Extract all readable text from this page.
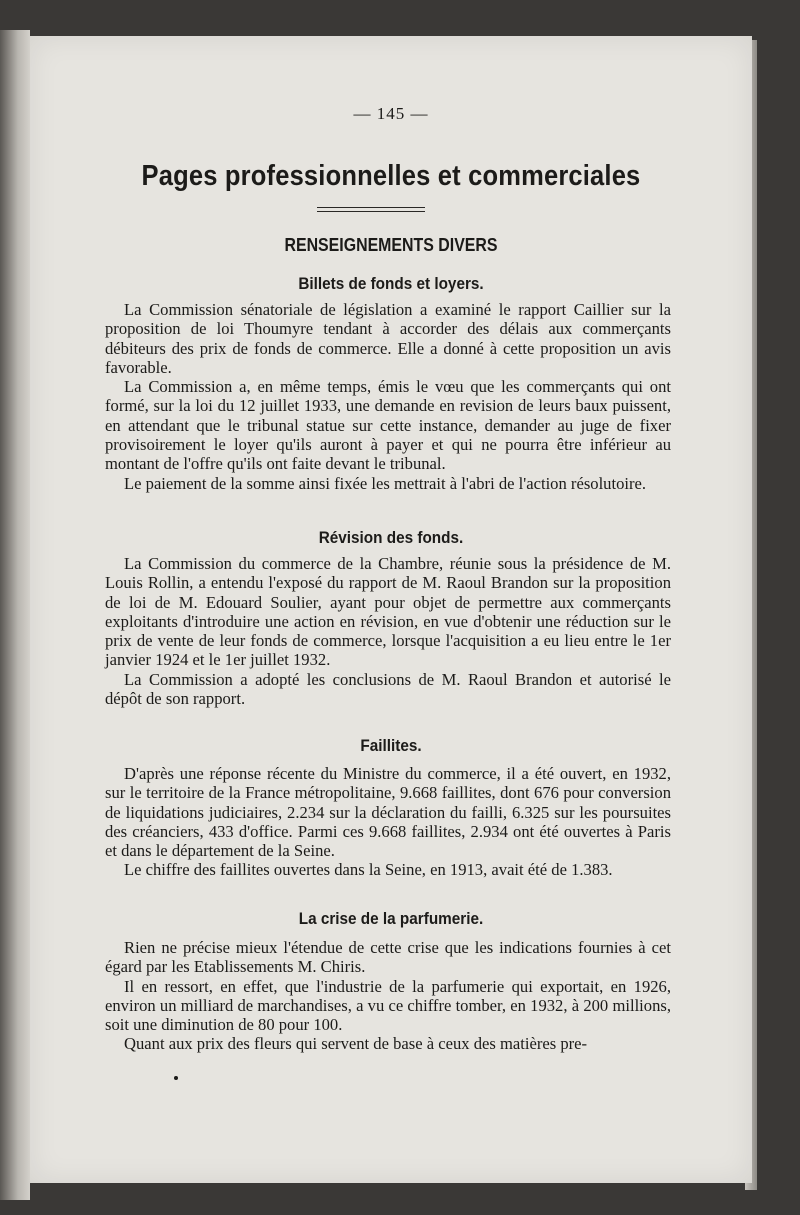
— 145 —
Pages professionnelles et commerciales
RENSEIGNEMENTS DIVERS
Billets de fonds et loyers.

La Commission sénatoriale de législation a examiné le rapport Caillier sur la proposition de loi Thoumyre tendant à accorder des délais aux commerçants débiteurs des prix de fonds de commerce. Elle a donné à cette proposition un avis favorable.

La Commission a, en même temps, émis le vœu que les commerçants qui ont formé, sur la loi du 12 juillet 1933, une demande en revision de leurs baux puissent, en attendant que le tribunal statue sur cette instance, demander au juge de fixer provisoirement le loyer qu'ils auront à payer et qui ne pourra être inférieur au montant de l'offre qu'ils ont faite devant le tribunal.

Le paiement de la somme ainsi fixée les mettrait à l'abri de l'action résolutoire.

Révision des fonds.

La Commission du commerce de la Chambre, réunie sous la présidence de M. Louis Rollin, a entendu l'exposé du rapport de M. Raoul Brandon sur la proposition de loi de M. Edouard Soulier, ayant pour objet de permettre aux commerçants exploitants d'introduire une action en révision, en vue d'obtenir une réduction sur le prix de vente de leur fonds de commerce, lorsque l'acquisition a eu lieu entre le 1er janvier 1924 et le 1er juillet 1932.

La Commission a adopté les conclusions de M. Raoul Brandon et autorisé le dépôt de son rapport.

Faillites.

D'après une réponse récente du Ministre du commerce, il a été ouvert, en 1932, sur le territoire de la France métropolitaine, 9.668 faillites, dont 676 pour conversion de liquidations judiciaires, 2.234 sur la déclaration du failli, 6.325 sur les poursuites des créanciers, 433 d'office. Parmi ces 9.668 faillites, 2.934 ont été ouvertes à Paris et dans le département de la Seine.

Le chiffre des faillites ouvertes dans la Seine, en 1913, avait été de 1.383.

La crise de la parfumerie.

Rien ne précise mieux l'étendue de cette crise que les indications fournies à cet égard par les Etablissements M. Chiris.

Il en ressort, en effet, que l'industrie de la parfumerie qui exportait, en 1926, environ un milliard de marchandises, a vu ce chiffre tomber, en 1932, à 200 millions, soit une diminution de 80 pour 100.

Quant aux prix des fleurs qui servent de base à ceux des matières pre-
